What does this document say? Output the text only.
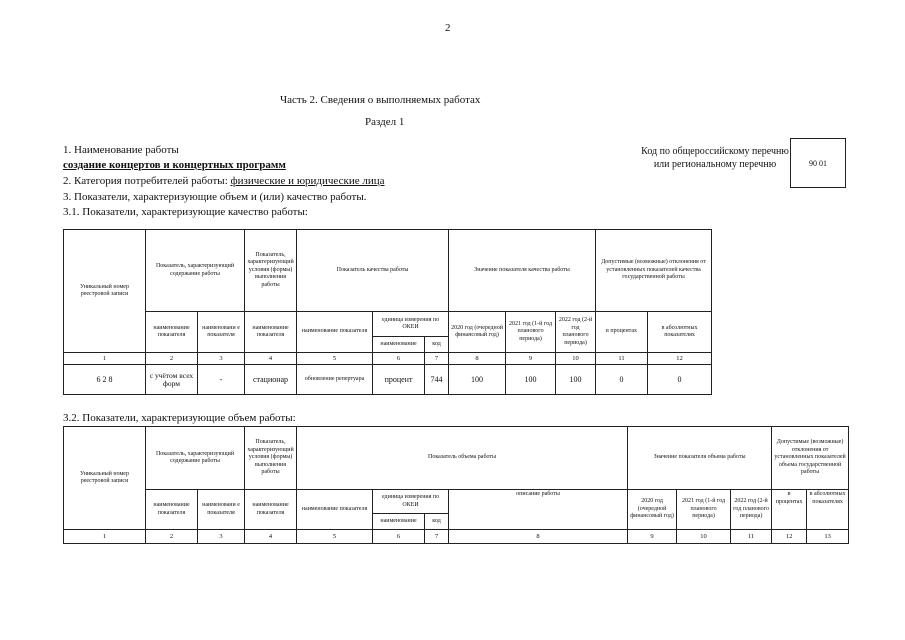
2
Часть 2. Сведения о выполняемых работах
Раздел 1
1. Наименование работы
создание концертов и концертных программ
2. Категория потребителей работы: физические и юридические лица
3. Показатели, характеризующие объем и (или) качество работы.
3.1. Показатели, характеризующие качество работы:
Код по общероссийскому перечню или региональному перечню	90 01
Уникальный номер реестровой записи	Показатель, характеризующий содержание работы		Показатель, характеризующий условия (формы) выполнения работы	Показатель качества работы			Значение показателя качества работы			Допустимые (возможные) отклонения от установленных показателей качества государственной работы	
	наименование показателя	наименовани е показателя	наименование показателя	наименование показателя	единица измерения по ОКЕИ		2020 год (очередной финансовый год)	2021 год (1-й год планового периода)	2022 год (2-й год планового периода)	в процентах	в абсолютных показателях
					наименование	код					
1	2	3	4	5	6	7	8	9	10	11	12
6 2 8	с учётом всех форм	-	стационар	обновление репертуара	процент	744	100	100	100	0	0
3.2. Показатели, характеризующие объем работы:
Уникальный номер реестровой записи	Показатель, характеризующий содержание работы		Показатель, характеризующий условия (формы) выполнения работы	Показатель объема работы				Значение показателя объема работы			Допустимые (возможные) отклонения от установленных показателей объема государственной работы	
	наименование показателя	наименовани е показателя	наименование показателя	наименование показателя	единица измерения по ОКЕИ		описание работы	2020 год (очередной финансовый год)	2021 год (1-й год планового периода)	2022 год (2-й год планового периода)	в процентах	в абсолютных показателях
					наименование	код						
1	2	3	4	5	6	7	8	9	10	11	12	13
